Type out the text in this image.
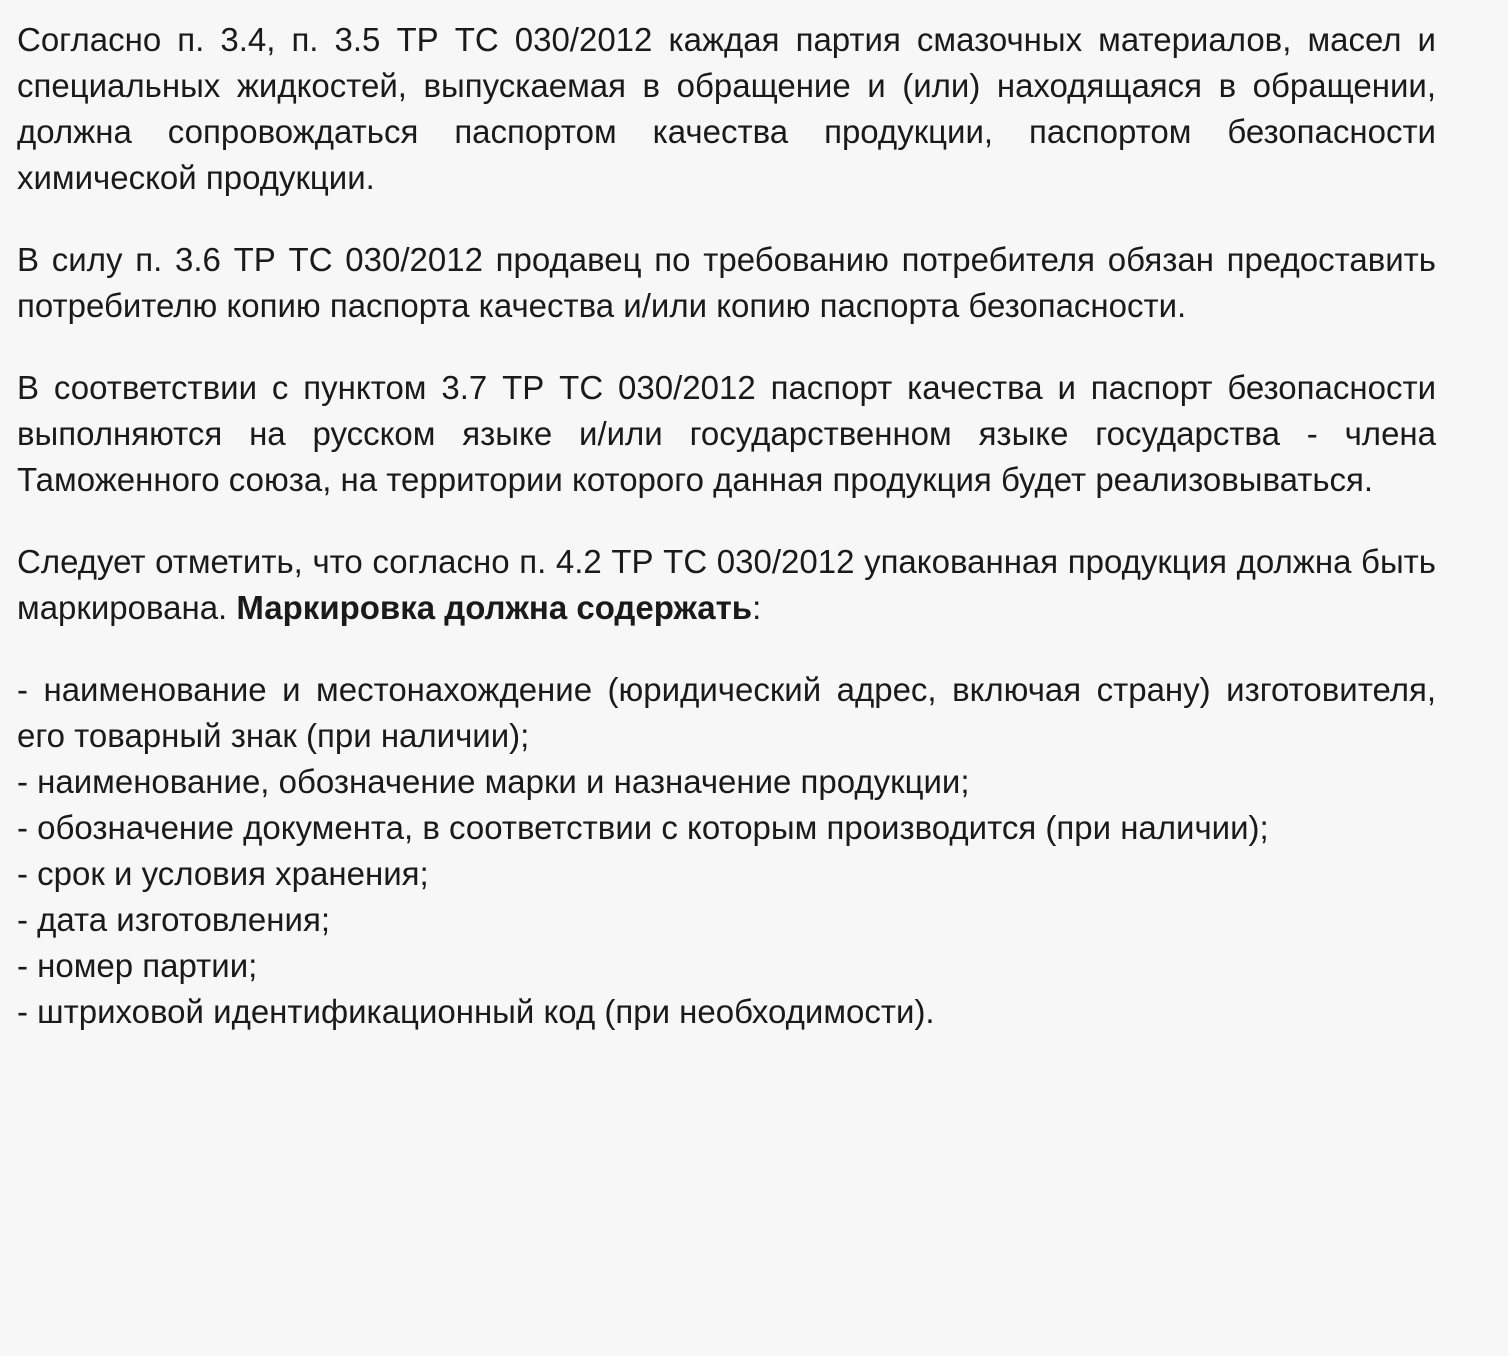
Согласно п. 3.4, п. 3.5 ТР ТС 030/2012 каждая партия смазочных материалов, масел и специальных жидкостей, выпускаемая в обращение и (или) находящаяся в обращении, должна сопровождаться паспортом качества продукции, паспортом безопасности химической продукции.

В силу п. 3.6 ТР ТС 030/2012 продавец по требованию потребителя обязан предоставить потребителю копию паспорта качества и/или копию паспорта безопасности.

В соответствии с пунктом 3.7 ТР ТС 030/2012 паспорт качества и паспорт безопасности выполняются на русском языке и/или государственном языке государства - члена Таможенного союза, на территории которого данная продукция будет реализовываться.

Следует отметить, что согласно п. 4.2 ТР ТС 030/2012 упакованная продукция должна быть маркирована. Маркировка должна содержать:

- наименование и местонахождение (юридический адрес, включая страну) изготовителя, его товарный знак (при наличии);

- наименование, обозначение марки и назначение продукции;

- обозначение документа, в соответствии с которым производится (при наличии);

- срок и условия хранения;

- дата изготовления;

- номер партии;

- штриховой идентификационный код (при необходимости).
